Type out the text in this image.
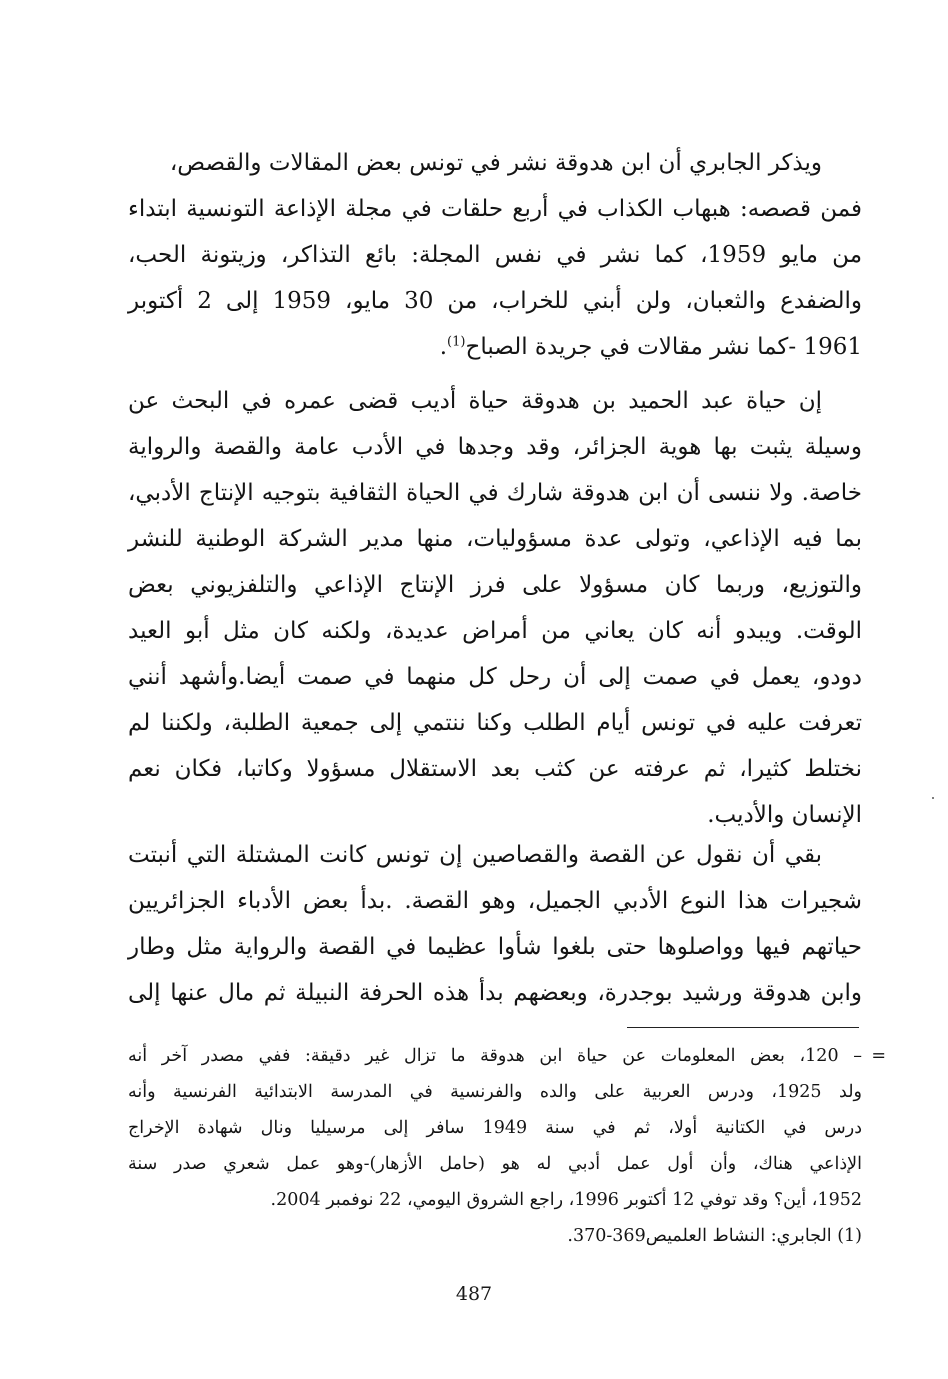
ويذكر الجابري أن ابن هدوقة نشر في تونس بعض المقالات والقصص،
فمن قصصه: هبهاب الكذاب في أربع حلقات في مجلة الإذاعة التونسية ابتداء
من مايو 1959، كما نشر في نفس المجلة: بائع التذاكر، وزيتونة الحب،
والضفدع والثعبان، ولن أبني للخراب، من 30 مايو، 1959 إلى 2 أكتوبر
1961 -كما نشر مقالات في جريدة الصباح$^{(1)}$.
إن حياة عبد الحميد بن هدوقة حياة أديب قضى عمره في البحث عن
وسيلة يثبت بها هوية الجزائر، وقد وجدها في الأدب عامة والقصة والرواية
خاصة. ولا ننسى أن ابن هدوقة شارك في الحياة الثقافية بتوجيه الإنتاج الأدبي،
بما فيه الإذاعي، وتولى عدة مسؤوليات، منها مدير الشركة الوطنية للنشر
والتوزيع، وربما كان مسؤولا على فرز الإنتاج الإذاعي والتلفزيوني بعض
الوقت. ويبدو أنه كان يعاني من أمراض عديدة، ولكنه كان مثل أبو العيد
دودو، يعمل في صمت إلى أن رحل كل منهما في صمت أيضا.وأشهد أنني
تعرفت عليه في تونس أيام الطلب وكنا ننتمي إلى جمعية الطلبة، ولكننا لم
نختلط كثيرا، ثم عرفته عن كثب بعد الاستقلال مسؤولا وكاتبا، فكان نعم
الإنسان والأديب.
بقي أن نقول عن القصة والقصاصين إن تونس كانت المشتلة التي أنبتت
شجيرات هذا النوع الأدبي الجميل، وهو القصة. .بدأ بعض الأدباء الجزائريين
حياتهم فيها وواصلوها حتى بلغوا شأوا عظيما في القصة والرواية مثل وطار
وابن هدوقة ورشيد بوجدرة، وبعضهم بدأ هذه الحرفة النبيلة ثم مال عنها إلى
=
– 120، بعض المعلومات عن حياة ابن هدوقة ما تزال غير دقيقة: ففي مصدر آخر أنه
ولد 1925، ودرس العربية على والده والفرنسية في المدرسة الابتدائية الفرنسية وأنه
درس في الكتانية أولا، ثم في سنة 1949 سافر إلى مرسيليا ونال شهادة الإخراج
الإذاعي هناك، وأن أول عمل أدبي له هو (حامل الأزهار)-وهو عمل شعري صدر سنة
1952، أين؟ وقد توفي 12 أكتوبر 1996، راجع الشروق اليومي، 22 نوفمبر 2004.
(1) الجابري: النشاط العلميص369-370.
487
